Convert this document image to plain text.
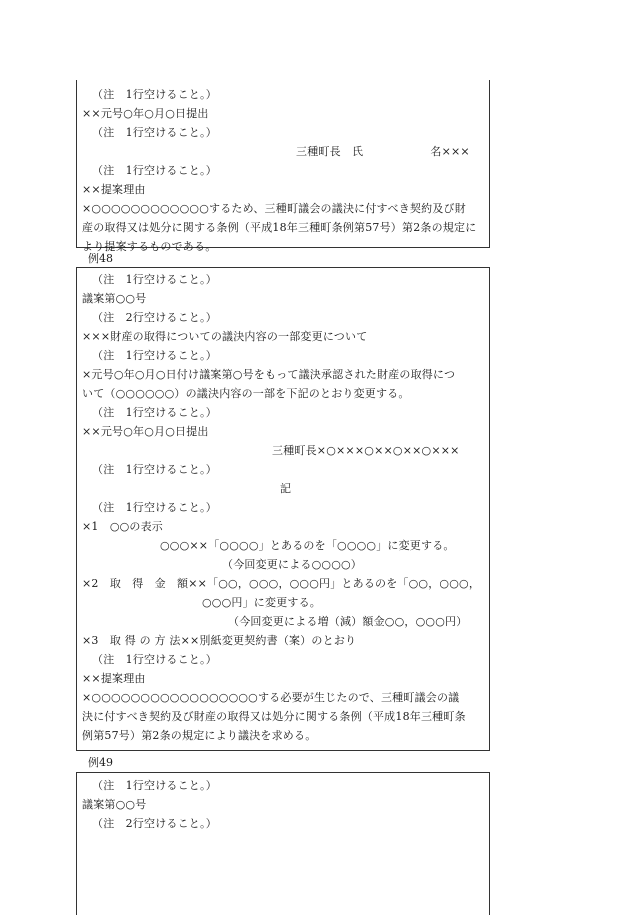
（注　1行空けること。）
××元号○年○月○日提出
（注　1行空けること。）
三種町長　氏　　　　　　名×××
（注　1行空けること。）
××提案理由
×○○○○○○○○○○○○するため、三種町議会の議決に付すべき契約及び財
産の取得又は処分に関する条例（平成18年三種町条例第57号）第2条の規定に
より提案するものである。
例48
（注　1行空けること。）
議案第○○号
（注　2行空けること。）
×××財産の取得についての議決内容の一部変更について
（注　1行空けること。）
×元号○年○月○日付け議案第○号をもって議決承認された財産の取得につ
いて（○○○○○○）の議決内容の一部を下記のとおり変更する。
（注　1行空けること。）
××元号○年○月○日提出
三種町長×○×××○××○××○×××
（注　1行空けること。）
記
（注　1行空けること。）
×1　○○の表示
○○○××「○○○○」とあるのを「○○○○」に変更する。
（今回変更による○○○○）
×2　取　得　金　額××「○○，○○○，○○○円」とあるのを「○○，○○○，
○○○円」に変更する。
（今回変更による増（減）額金○○，○○○円）
×3　取 得 の 方 法××別紙変更契約書（案）のとおり
（注　1行空けること。）
××提案理由
×○○○○○○○○○○○○○○○○○する必要が生じたので、三種町議会の議
決に付すべき契約及び財産の取得又は処分に関する条例（平成18年三種町条
例第57号）第2条の規定により議決を求める。
例49
（注　1行空けること。）
議案第○○号
（注　2行空けること。）
